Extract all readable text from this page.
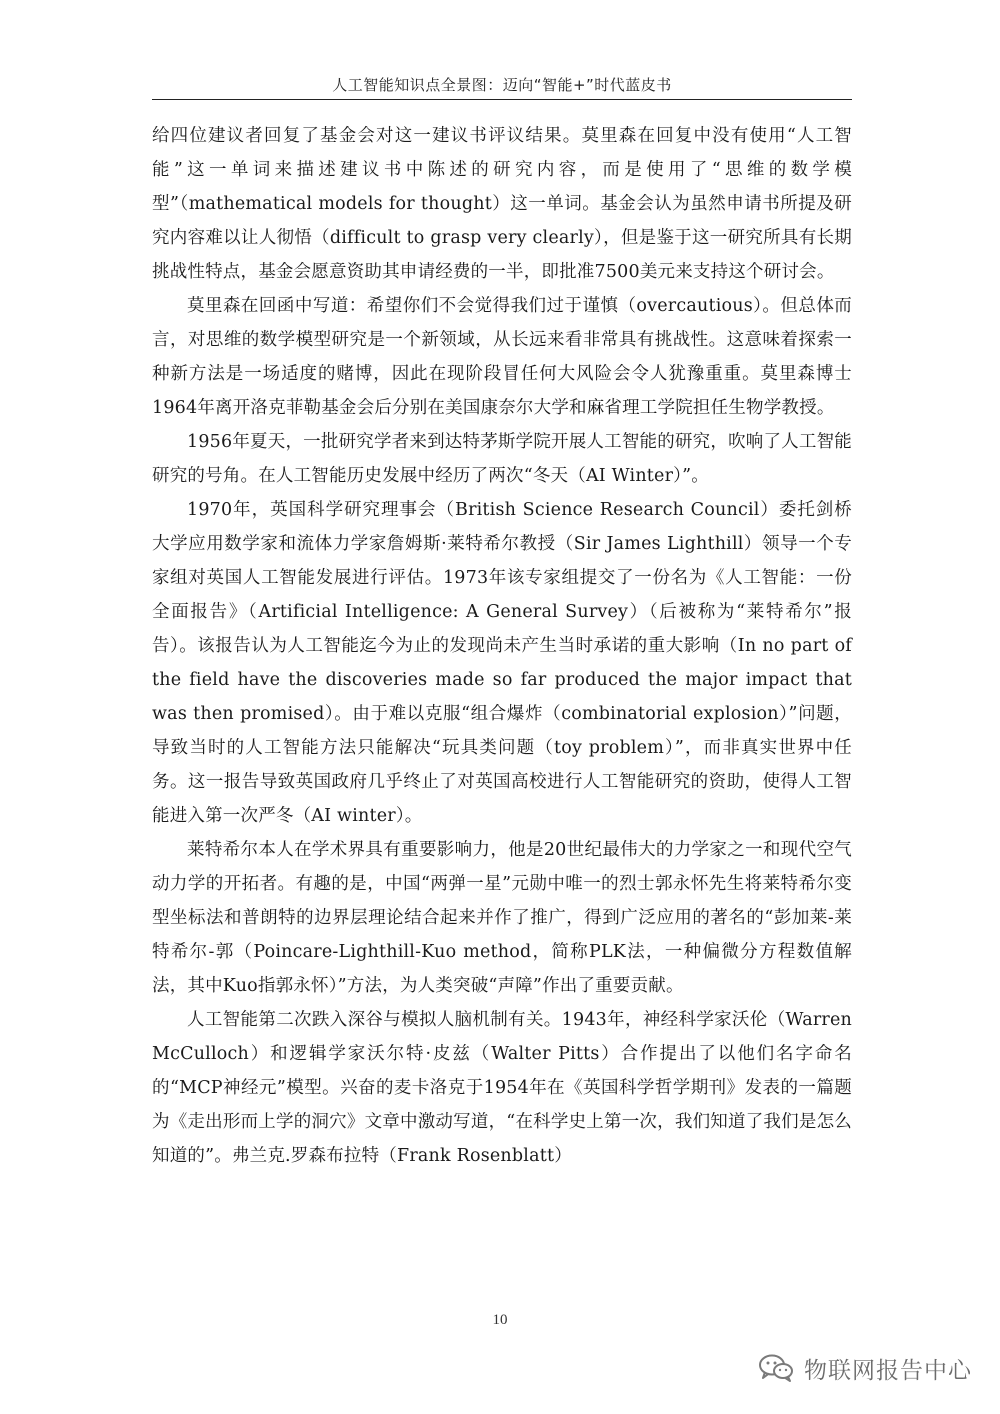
人工智能知识点全景图：迈向“智能+”时代蓝皮书

给四位建议者回复了基金会对这一建议书评议结果。莫里森在回复中没有使用“人工智能”这一单词来描述建议书中陈述的研究内容，而是使用了“思维的数学模型”（mathematical models for thought）这一单词。基金会认为虽然申请书所提及研究内容难以让人彻悟（difficult to grasp very clearly），但是鉴于这一研究所具有长期挑战性特点，基金会愿意资助其申请经费的一半，即批准7500美元来支持这个研讨会。

莫里森在回函中写道：希望你们不会觉得我们过于谨慎（overcautious）。但总体而言，对思维的数学模型研究是一个新领域，从长远来看非常具有挑战性。这意味着探索一种新方法是一场适度的赌博，因此在现阶段冒任何大风险会令人犹豫重重。莫里森博士1964年离开洛克菲勒基金会后分别在美国康奈尔大学和麻省理工学院担任生物学教授。

1956年夏天，一批研究学者来到达特茅斯学院开展人工智能的研究，吹响了人工智能研究的号角。在人工智能历史发展中经历了两次“冬天（AI Winter）”。

1970年，英国科学研究理事会（British Science Research Council）委托剑桥大学应用数学家和流体力学家詹姆斯·莱特希尔教授（Sir James Lighthill）领导一个专家组对英国人工智能发展进行评估。1973年该专家组提交了一份名为《人工智能：一份全面报告》（Artificial Intelligence: A General Survey）（后被称为“莱特希尔”报告）。该报告认为人工智能迄今为止的发现尚未产生当时承诺的重大影响（In no part of the field have the discoveries made so far produced the major impact that was then promised）。由于难以克服“组合爆炸（combinatorial explosion）”问题，导致当时的人工智能方法只能解决“玩具类问题（toy problem）”，而非真实世界中任务。这一报告导致英国政府几乎终止了对英国高校进行人工智能研究的资助，使得人工智能进入第一次严冬（AI winter）。

莱特希尔本人在学术界具有重要影响力，他是20世纪最伟大的力学家之一和现代空气动力学的开拓者。有趣的是，中国“两弹一星”元勋中唯一的烈士郭永怀先生将莱特希尔变型坐标法和普朗特的边界层理论结合起来并作了推广，得到广泛应用的著名的“彭加莱-莱特希尔-郭（Poincare-Lighthill-Kuo method，简称PLK法，一种偏微分方程数值解法，其中Kuo指郭永怀）”方法，为人类突破“声障”作出了重要贡献。

人工智能第二次跌入深谷与模拟人脑机制有关。1943年，神经科学家沃伦（Warren McCulloch）和逻辑学家沃尔特·皮兹（Walter Pitts）合作提出了以他们名字命名的“MCP神经元”模型。兴奋的麦卡洛克于1954年在《英国科学哲学期刊》发表的一篇题为《走出形而上学的洞穴》文章中激动写道，“在科学史上第一次，我们知道了我们是怎么知道的”。弗兰克.罗森布拉特（Frank Rosenblatt）

10
物联网报告中心
